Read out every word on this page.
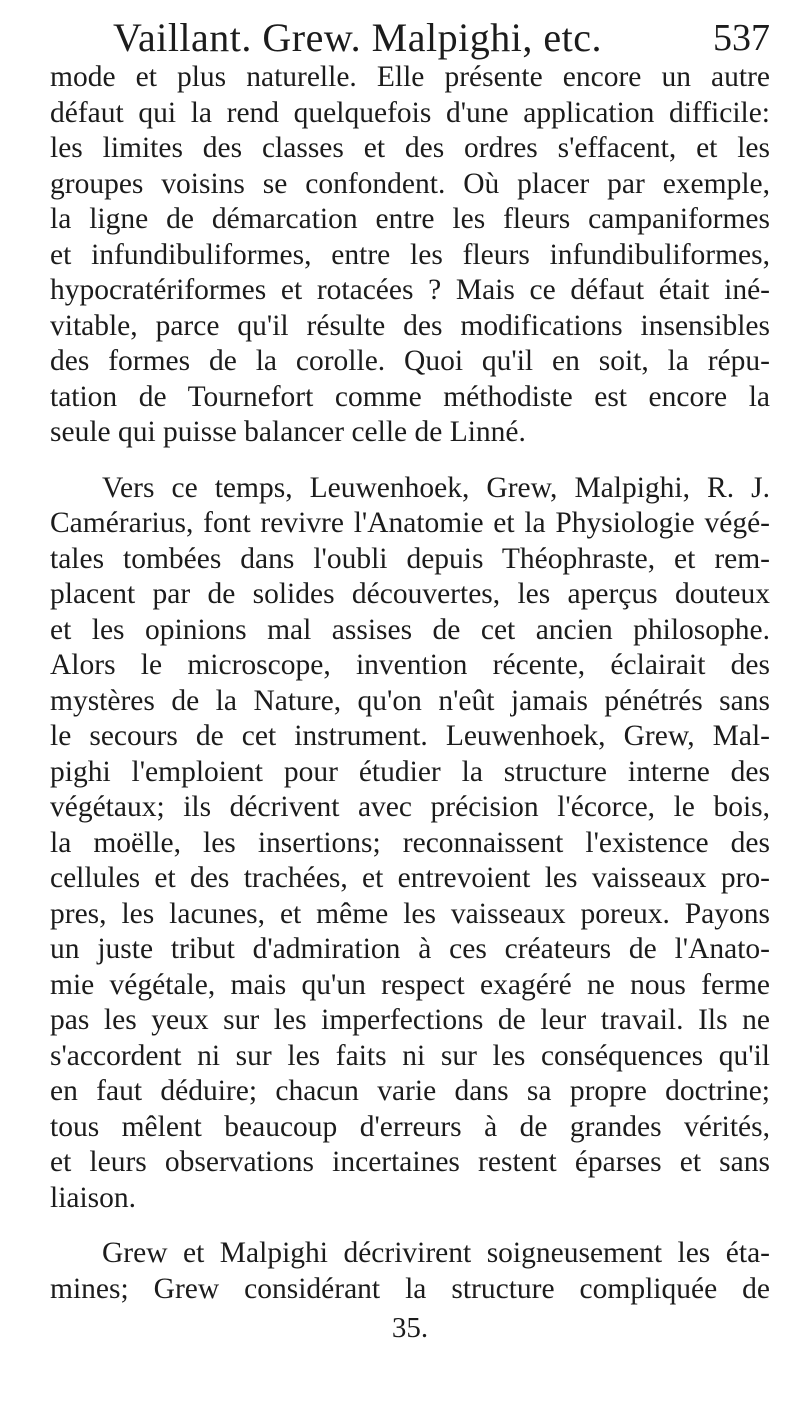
Vaillant. Grew. Malpighi, etc.	537
mode et plus naturelle. Elle présente encore un autre
défaut qui la rend quelquefois d'une application difficile:
les limites des classes et des ordres s'effacent, et les
groupes voisins se confondent. Où placer par exemple,
la ligne de démarcation entre les fleurs campaniformes
et infundibuliformes, entre les fleurs infundibuliformes,
hypocratériformes et rotacées ? Mais ce défaut était iné-
vitable, parce qu'il résulte des modifications insensibles
des formes de la corolle. Quoi qu'il en soit, la répu-
tation de Tournefort comme méthodiste est encore la
seule qui puisse balancer celle de Linné.
Vers ce temps, Leuwenhoek, Grew, Malpighi, R. J.
Camérarius, font revivre l'Anatomie et la Physiologie végé-
tales tombées dans l'oubli depuis Théophraste, et rem-
placent par de solides découvertes, les aperçus douteux
et les opinions mal assises de cet ancien philosophe.
Alors le microscope, invention récente, éclairait des
mystères de la Nature, qu'on n'eût jamais pénétrés sans
le secours de cet instrument. Leuwenhoek, Grew, Mal-
pighi l'emploient pour étudier la structure interne des
végétaux; ils décrivent avec précision l'écorce, le bois,
la moëlle, les insertions; reconnaissent l'existence des
cellules et des trachées, et entrevoient les vaisseaux pro-
pres, les lacunes, et même les vaisseaux poreux. Payons
un juste tribut d'admiration à ces créateurs de l'Anato-
mie végétale, mais qu'un respect exagéré ne nous ferme
pas les yeux sur les imperfections de leur travail. Ils ne
s'accordent ni sur les faits ni sur les conséquences qu'il
en faut déduire; chacun varie dans sa propre doctrine;
tous mêlent beaucoup d'erreurs à de grandes vérités,
et leurs observations incertaines restent éparses et sans
liaison.
Grew et Malpighi décrivirent soigneusement les éta-
mines; Grew considérant la structure compliquée de
35.
